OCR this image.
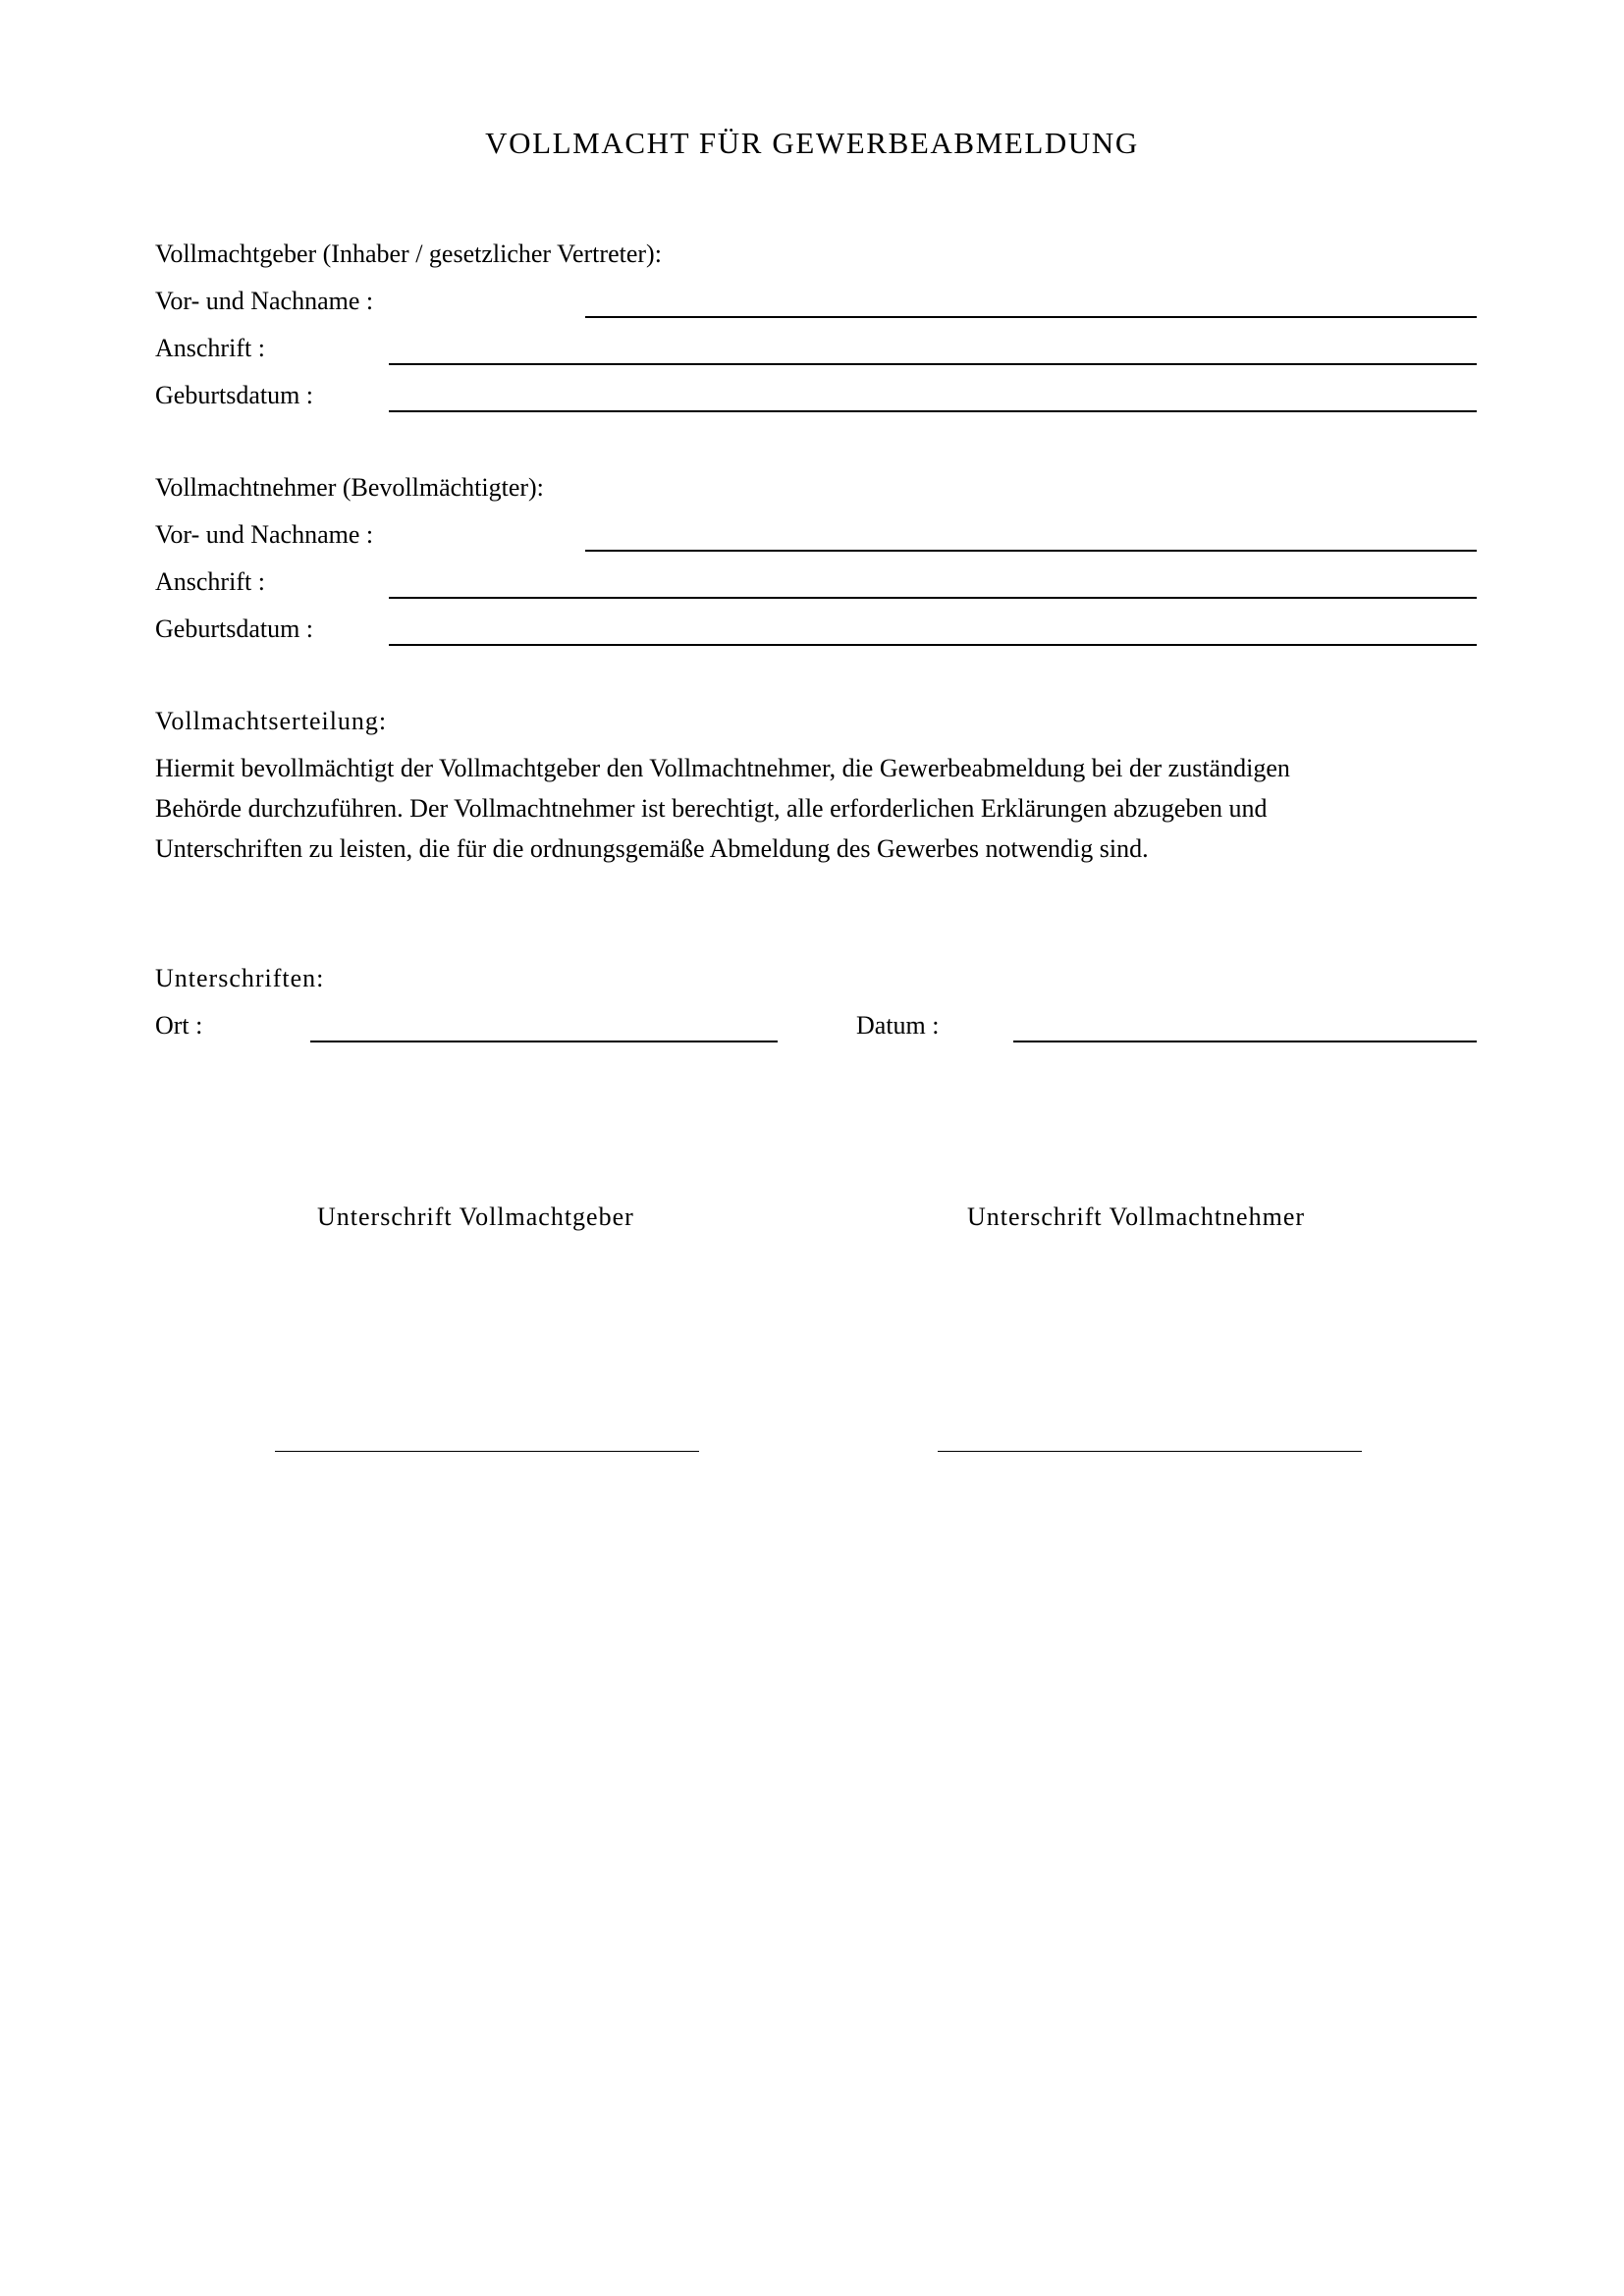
VOLLMACHT FÜR GEWERBEABMELDUNG
Vollmachtgeber (Inhaber / gesetzlicher Vertreter):
Vor- und Nachname :
Anschrift :
Geburtsdatum :
Vollmachtnehmer (Bevollmächtigter):
Vor- und Nachname :
Anschrift :
Geburtsdatum :
Vollmachtserteilung:
Hiermit bevollmächtigt der Vollmachtgeber den Vollmachtnehmer, die Gewerbeabmeldung bei der zuständigen
Behörde durchzuführen. Der Vollmachtnehmer ist berechtigt, alle erforderlichen Erklärungen abzugeben und
Unterschriften zu leisten, die für die ordnungsgemäße Abmeldung des Gewerbes notwendig sind.
Unterschriften:
Ort :	Datum :
Unterschrift Vollmachtgeber	Unterschrift Vollmachtnehmer
